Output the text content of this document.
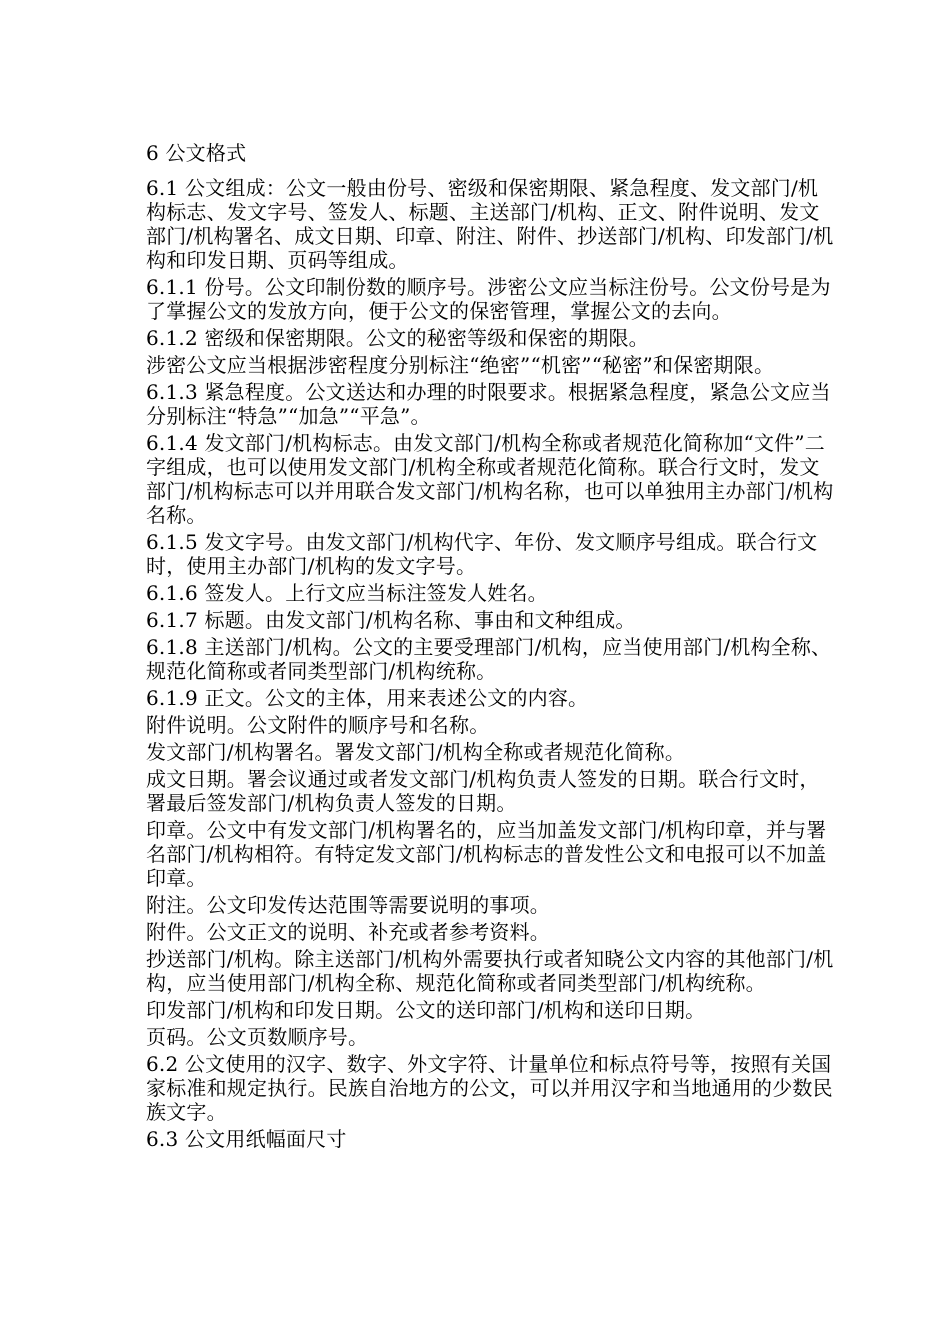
6 公文格式
6.1 公文组成：公文一般由份号、密级和保密期限、紧急程度、发文部门/机构标志、发文字号、签发人、标题、主送部门/机构、正文、附件说明、发文部门/机构署名、成文日期、印章、附注、附件、抄送部门/机构、印发部门/机构和印发日期、页码等组成。
6.1.1 份号。公文印制份数的顺序号。涉密公文应当标注份号。公文份号是为了掌握公文的发放方向，便于公文的保密管理，掌握公文的去向。
6.1.2 密级和保密期限。公文的秘密等级和保密的期限。
涉密公文应当根据涉密程度分别标注“绝密”“机密”“秘密”和保密期限。
6.1.3 紧急程度。公文送达和办理的时限要求。根据紧急程度，紧急公文应当分别标注“特急”“加急”“平急”。
6.1.4 发文部门/机构标志。由发文部门/机构全称或者规范化简称加“文件”二字组成，也可以使用发文部门/机构全称或者规范化简称。联合行文时，发文部门/机构标志可以并用联合发文部门/机构名称，也可以单独用主办部门/机构名称。
6.1.5 发文字号。由发文部门/机构代字、年份、发文顺序号组成。联合行文时，使用主办部门/机构的发文字号。
6.1.6 签发人。上行文应当标注签发人姓名。
6.1.7 标题。由发文部门/机构名称、事由和文种组成。
6.1.8 主送部门/机构。公文的主要受理部门/机构，应当使用部门/机构全称、规范化简称或者同类型部门/机构统称。
6.1.9 正文。公文的主体，用来表述公文的内容。
附件说明。公文附件的顺序号和名称。
发文部门/机构署名。署发文部门/机构全称或者规范化简称。
成文日期。署会议通过或者发文部门/机构负责人签发的日期。联合行文时，署最后签发部门/机构负责人签发的日期。
印章。公文中有发文部门/机构署名的，应当加盖发文部门/机构印章，并与署名部门/机构相符。有特定发文部门/机构标志的普发性公文和电报可以不加盖印章。
附注。公文印发传达范围等需要说明的事项。
附件。公文正文的说明、补充或者参考资料。
抄送部门/机构。除主送部门/机构外需要执行或者知晓公文内容的其他部门/机构，应当使用部门/机构全称、规范化简称或者同类型部门/机构统称。
印发部门/机构和印发日期。公文的送印部门/机构和送印日期。
页码。公文页数顺序号。
6.2 公文使用的汉字、数字、外文字符、计量单位和标点符号等，按照有关国家标准和规定执行。民族自治地方的公文，可以并用汉字和当地通用的少数民族文字。
6.3 公文用纸幅面尺寸
